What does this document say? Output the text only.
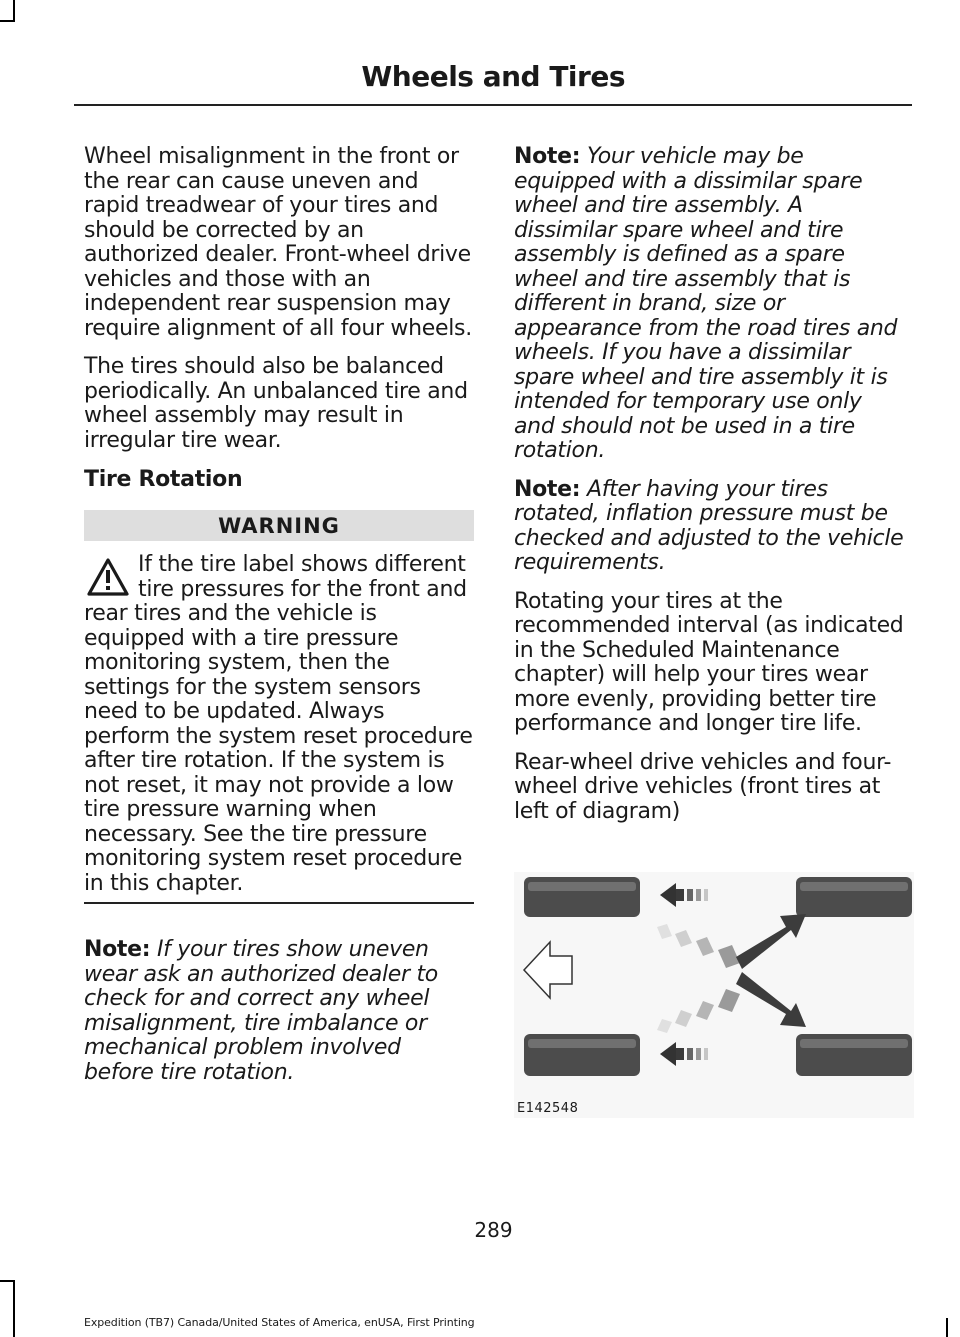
Wheels and Tires

Wheel misalignment in the front or the rear can cause uneven and rapid treadwear of your tires and should be corrected by an authorized dealer. Front-wheel drive vehicles and those with an independent rear suspension may require alignment of all four wheels.

The tires should also be balanced periodically. An unbalanced tire and wheel assembly may result in irregular tire wear.

Tire Rotation
WARNING

If the tire label shows different tire pressures for the front and rear tires and the vehicle is equipped with a tire pressure monitoring system, then the settings for the system sensors need to be updated. Always perform the system reset procedure after tire rotation. If the system is not reset, it may not provide a low tire pressure warning when necessary. See the tire pressure monitoring system reset procedure in this chapter.

Note: If your tires show uneven wear ask an authorized dealer to check for and correct any wheel misalignment, tire imbalance or mechanical problem involved before tire rotation.

Note: Your vehicle may be equipped with a dissimilar spare wheel and tire assembly. A dissimilar spare wheel and tire assembly is defined as a spare wheel and tire assembly that is different in brand, size or appearance from the road tires and wheels. If you have a dissimilar spare wheel and tire assembly it is intended for temporary use only and should not be used in a tire rotation.

Note: After having your tires rotated, inflation pressure must be checked and adjusted to the vehicle requirements.

Rotating your tires at the recommended interval (as indicated in the Scheduled Maintenance chapter) will help your tires wear more evenly, providing better tire performance and longer tire life.

Rear-wheel drive vehicles and four-wheel drive vehicles (front tires at left of diagram)

E142548
289
Expedition (TB7) Canada/United States of America, enUSA, First Printing
